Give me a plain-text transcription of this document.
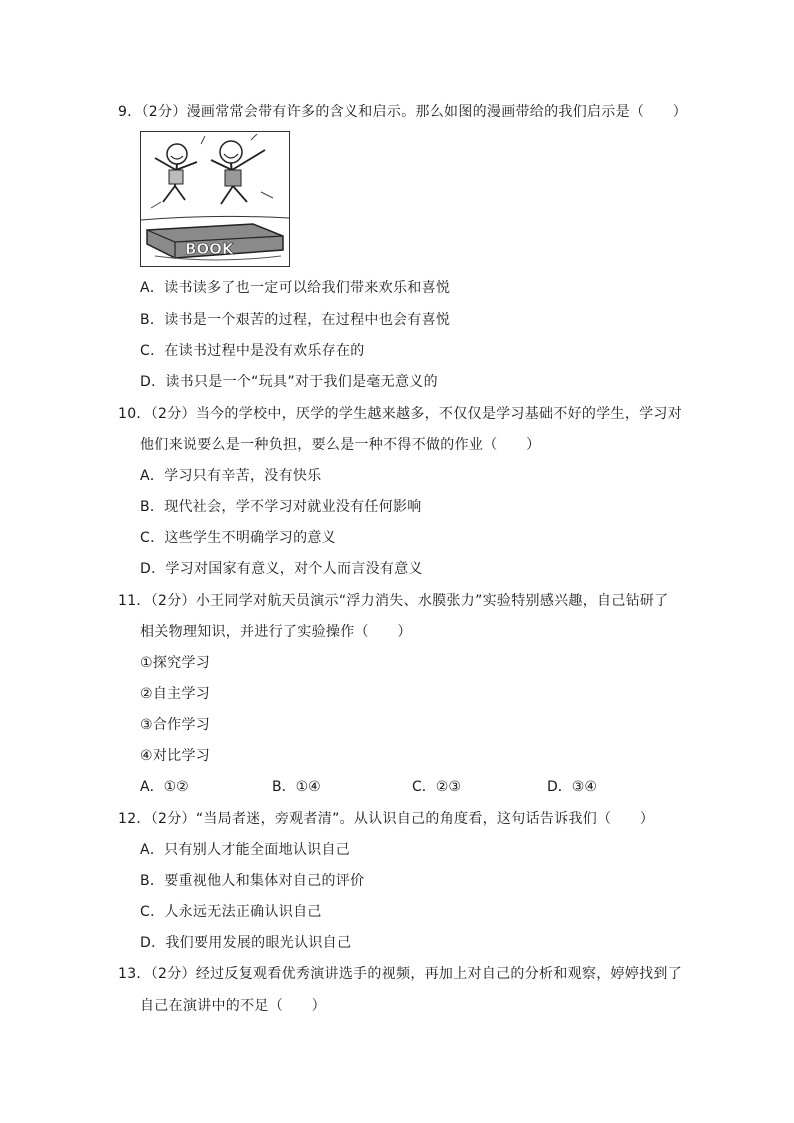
9．（2分）漫画常常会带有许多的含义和启示。那么如图的漫画带给的我们启示是（　　）
BOOK
A．读书读多了也一定可以给我们带来欢乐和喜悦
B．读书是一个艰苦的过程，在过程中也会有喜悦
C．在读书过程中是没有欢乐存在的
D．读书只是一个“玩具”对于我们是毫无意义的
10．（2分）当今的学校中，厌学的学生越来越多，不仅仅是学习基础不好的学生，学习对
他们来说要么是一种负担，要么是一种不得不做的作业（　　）
A．学习只有辛苦，没有快乐
B．现代社会，学不学习对就业没有任何影响
C．这些学生不明确学习的意义
D．学习对国家有意义，对个人而言没有意义
11．（2分）小王同学对航天员演示“浮力消失、水膜张力”实验特别感兴趣，自己钻研了
相关物理知识，并进行了实验操作（　　）
①探究学习
②自主学习
③合作学习
④对比学习
A．①②	B．①④	C．②③	D．③④
12．（2分）“当局者迷，旁观者清”。从认识自己的角度看，这句话告诉我们（　　）
A．只有别人才能全面地认识自己
B．要重视他人和集体对自己的评价
C．人永远无法正确认识自己
D．我们要用发展的眼光认识自己
13．（2分）经过反复观看优秀演讲选手的视频，再加上对自己的分析和观察，婷婷找到了
自己在演讲中的不足（　　）
